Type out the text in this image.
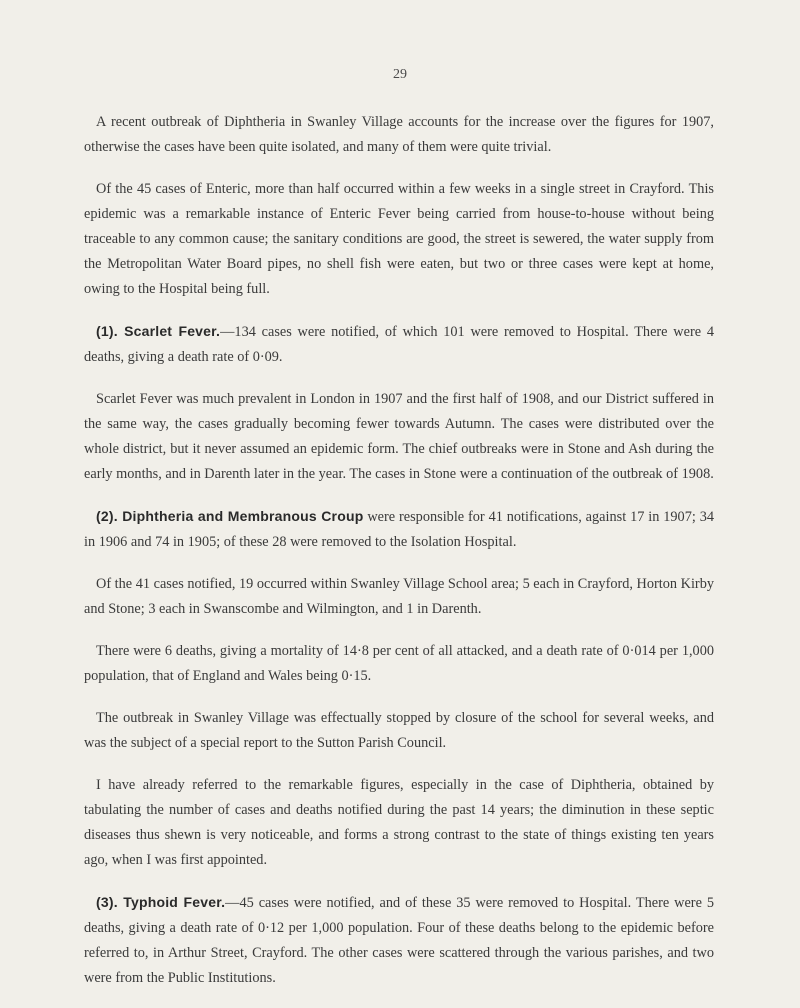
29

A recent outbreak of Diphtheria in Swanley Village accounts for the increase over the figures for 1907, otherwise the cases have been quite isolated, and many of them were quite trivial.

Of the 45 cases of Enteric, more than half occurred within a few weeks in a single street in Crayford. This epidemic was a remarkable instance of Enteric Fever being carried from house-to-house without being traceable to any common cause; the sanitary conditions are good, the street is sewered, the water supply from the Metropolitan Water Board pipes, no shell fish were eaten, but two or three cases were kept at home, owing to the Hospital being full.

(1). Scarlet Fever.—134 cases were notified, of which 101 were removed to Hospital. There were 4 deaths, giving a death rate of 0·09.

Scarlet Fever was much prevalent in London in 1907 and the first half of 1908, and our District suffered in the same way, the cases gradually becoming fewer towards Autumn. The cases were distributed over the whole district, but it never assumed an epidemic form. The chief outbreaks were in Stone and Ash during the early months, and in Darenth later in the year. The cases in Stone were a continuation of the outbreak of 1908.

(2). Diphtheria and Membranous Croup were responsible for 41 notifications, against 17 in 1907; 34 in 1906 and 74 in 1905; of these 28 were removed to the Isolation Hospital.

Of the 41 cases notified, 19 occurred within Swanley Village School area; 5 each in Crayford, Horton Kirby and Stone; 3 each in Swanscombe and Wilmington, and 1 in Darenth.

There were 6 deaths, giving a mortality of 14·8 per cent of all attacked, and a death rate of 0·014 per 1,000 population, that of England and Wales being 0·15.

The outbreak in Swanley Village was effectually stopped by closure of the school for several weeks, and was the subject of a special report to the Sutton Parish Council.

I have already referred to the remarkable figures, especially in the case of Diphtheria, obtained by tabulating the number of cases and deaths notified during the past 14 years; the diminution in these septic diseases thus shewn is very noticeable, and forms a strong contrast to the state of things existing ten years ago, when I was first appointed.

(3). Typhoid Fever.—45 cases were notified, and of these 35 were removed to Hospital. There were 5 deaths, giving a death rate of 0·12 per 1,000 population. Four of these deaths belong to the epidemic before referred to, in Arthur Street, Crayford. The other cases were scattered through the various parishes, and two were from the Public Institutions.
